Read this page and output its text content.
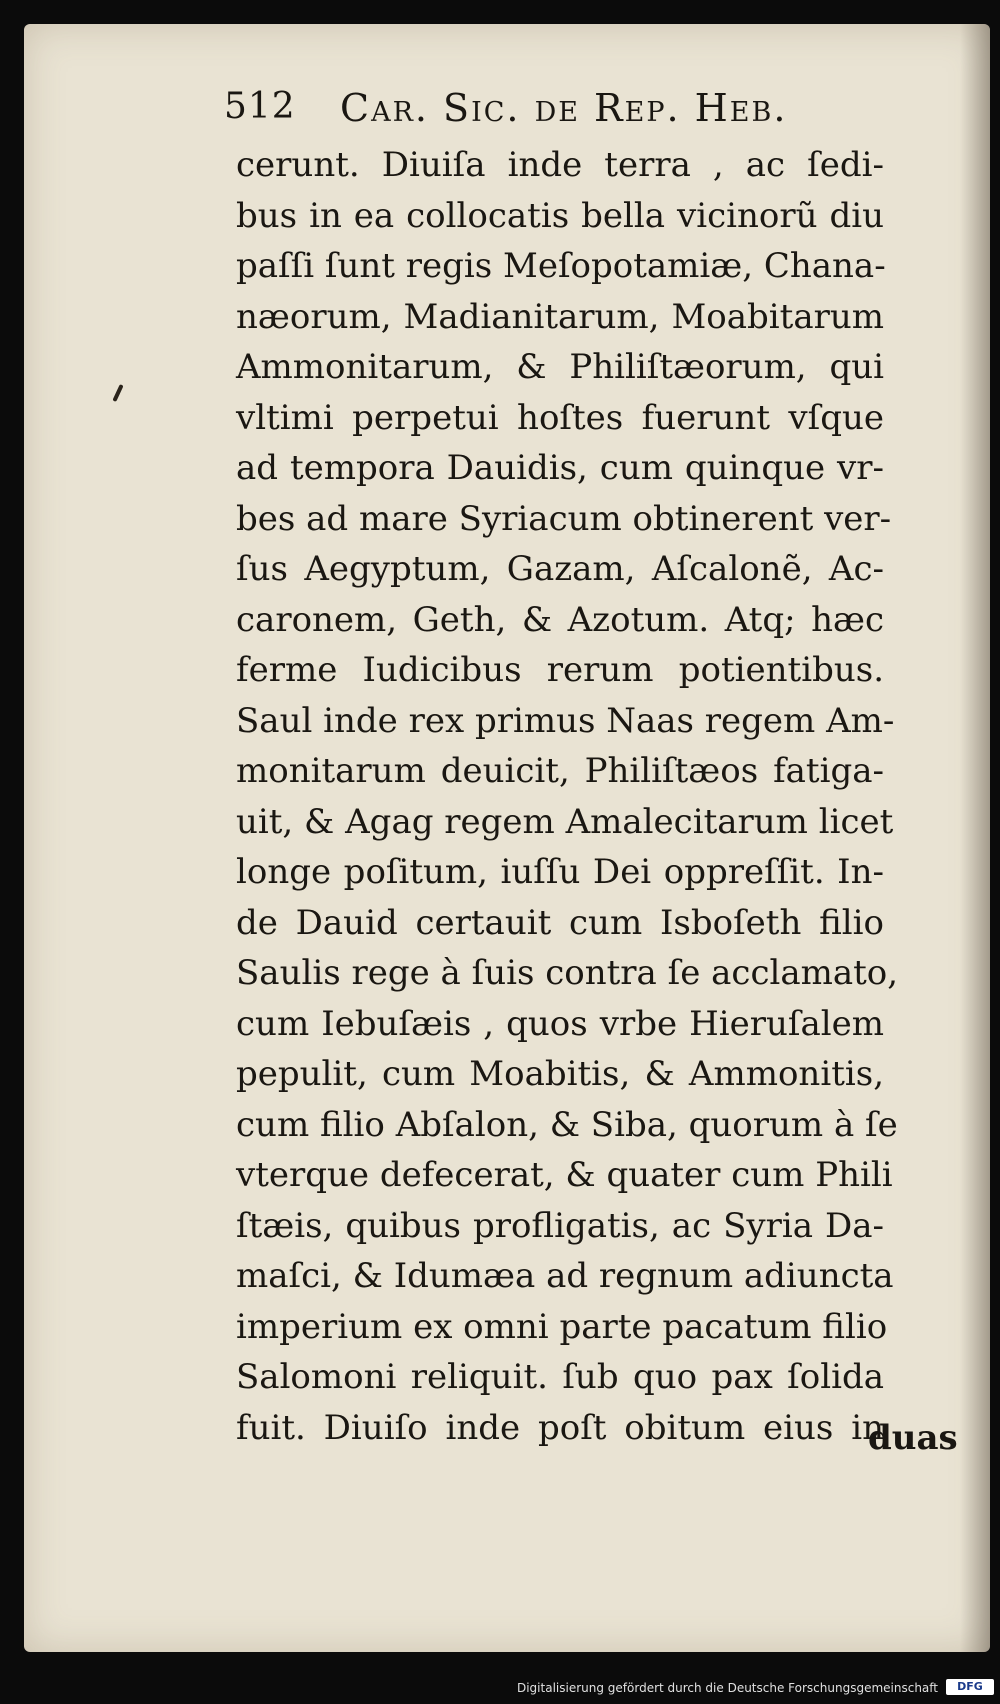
512 Car. Sic. de Rep. Heb.
cerunt. Diuiſa inde terra , ac ſedi-
bus in ea collocatis bella vicinorũ diu
paſſi ſunt regis Meſopotamiæ, Chana-
næorum, Madianitarum, Moabitarum
Ammonitarum, & Philiſtæorum, qui
vltimi perpetui hoſtes fuerunt vſque
ad tempora Dauidis, cum quinque vr-
bes ad mare Syriacum obtinerent ver-
ſus Aegyptum, Gazam, Aſcalonẽ, Ac-
caronem, Geth, & Azotum. Atq; hæc
ferme Iudicibus rerum potientibus.
Saul inde rex primus Naas regem Am-
monitarum deuicit, Philiſtæos fatiga-
uit, & Agag regem Amalecitarum licet
longe poſitum, iuſſu Dei oppreſſit. In-
de Dauid certauit cum Isboſeth filio
Saulis rege à ſuis contra ſe acclamato,
cum Iebuſæis , quos vrbe Hieruſalem
pepulit, cum Moabitis, & Ammonitis,
cum filio Abſalon, & Siba, quorum à ſe
vterque defecerat, & quater cum Phili
ſtæis, quibus profligatis, ac Syria Da-
maſci, & Idumæa ad regnum adiuncta
imperium ex omni parte pacatum filio
Salomoni reliquit. ſub quo pax ſolida
fuit. Diuiſo inde poſt obitum eius in
duas
Digitalisierung gefördert durch die Deutsche Forschungsgemeinschaft	DFG
